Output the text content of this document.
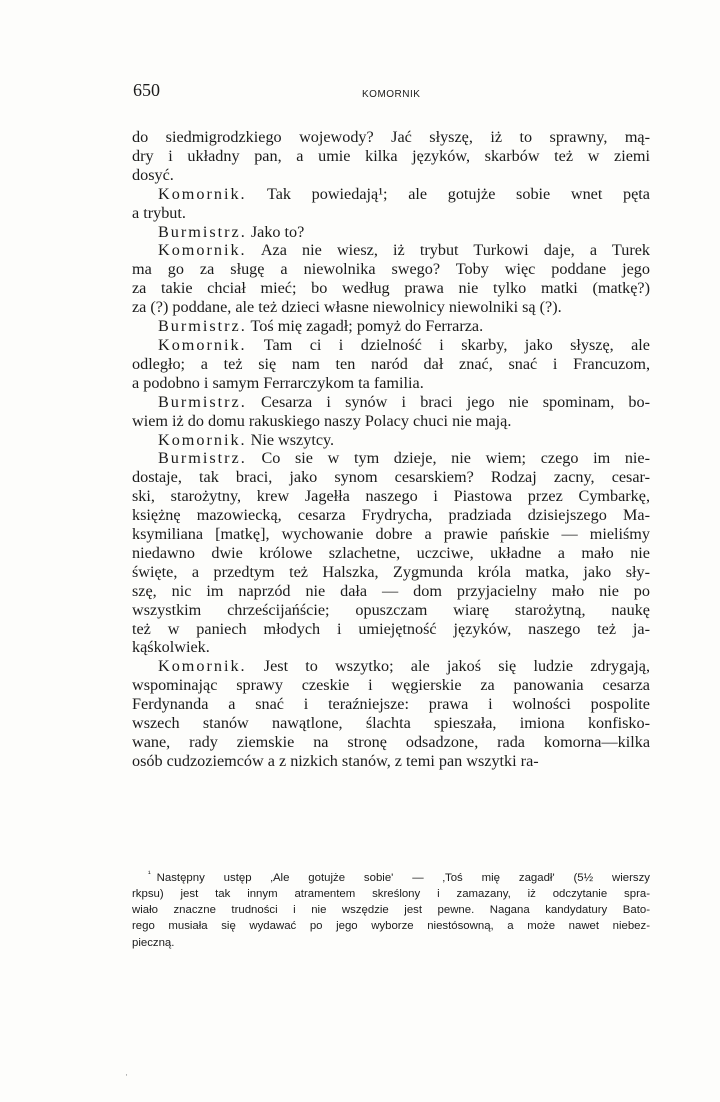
650	KOMORNIK
do siedmigrodzkiego wojewody? Jać słyszę, iż to sprawny, mą-
dry i układny pan, a umie kilka języków, skarbów też w ziemi
dosyć.
Komornik. Tak powiedają¹; ale gotujże sobie wnet pęta
a trybut.
Burmistrz. Jako to?
Komornik. Aza nie wiesz, iż trybut Turkowi daje, a Turek
ma go za sługę a niewolnika swego? Toby więc poddane jego
za takie chciał mieć; bo według prawa nie tylko matki (matkę?)
za (?) poddane, ale też dzieci własne niewolnicy niewolniki są (?).
Burmistrz. Toś mię zagadł; pomyż do Ferrarza.
Komornik. Tam ci i dzielność i skarby, jako słyszę, ale
odległo; a też się nam ten naród dał znać, snać i Francuzom,
a podobno i samym Ferrarczykom ta familia.
Burmistrz. Cesarza i synów i braci jego nie spominam, bo-
wiem iż do domu rakuskiego naszy Polacy chuci nie mają.
Komornik. Nie wszytcy.
Burmistrz. Co sie w tym dzieje, nie wiem; czego im nie-
dostaje, tak braci, jako synom cesarskiem? Rodzaj zacny, cesar-
ski, starożytny, krew Jagełła naszego i Piastowa przez Cymbarkę,
księżnę mazowiecką, cesarza Frydrycha, pradziada dzisiejszego Ma-
ksymiliana [matkę], wychowanie dobre a prawie pańskie — mieliśmy
niedawno dwie królowe szlachetne, uczciwe, układne a mało nie
święte, a przedtym też Halszka, Zygmunda króla matka, jako sły-
szę, nic im naprzód nie dała — dom przyjacielny mało nie po
wszystkim chrześcijańście; opuszczam wiarę starożytną, naukę
też w paniech młodych i umiejętność języków, naszego też ja-
kąśkolwiek.
Komornik. Jest to wszytko; ale jakoś się ludzie zdrygają,
wspominając sprawy czeskie i węgierskie za panowania cesarza
Ferdynanda a snać i teraźniejsze: prawa i wolności pospolite
wszech stanów nawątlone, ślachta spieszała, imiona konfisko-
wane, rady ziemskie na stronę odsadzone, rada komorna—kilka
osób cudzoziemców a z nizkich stanów, z temi pan wszytki ra-
$^{^1}$ Następny ustęp ‚Ale gotujże sobie' — ‚Toś mię zagadł' (5½ wierszy
rkpsu) jest tak innym atramentem skreślony i zamazany, iż odczytanie spra-
wiało znaczne trudności i nie wszędzie jest pewne. Nagana kandydatury Bato-
rego musiała się wydawać po jego wyborze niestósowną, a może nawet niebez-
pieczną.
·
